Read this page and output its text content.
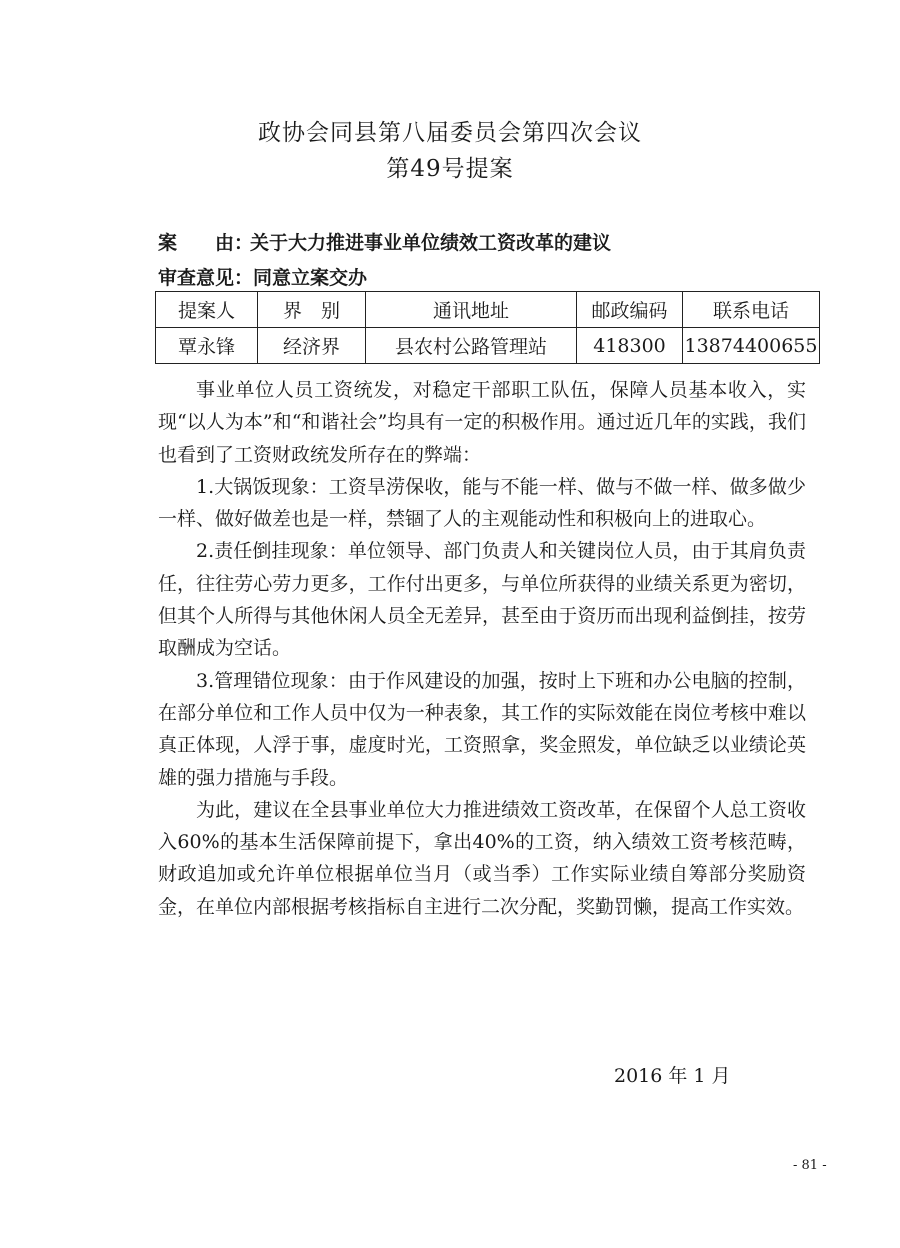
政协会同县第八届委员会第四次会议
第49号提案
案　　由：关于大力推进事业单位绩效工资改革的建议
审查意见：同意立案交办
提案人	界　别	通讯地址	邮政编码	联系电话
覃永锋	经济界	县农村公路管理站	418300	13874400655

事业单位人员工资统发，对稳定干部职工队伍，保障人员基本收入，实现“以人为本”和“和谐社会”均具有一定的积极作用。通过近几年的实践，我们也看到了工资财政统发所存在的弊端：

1.大锅饭现象：工资旱涝保收，能与不能一样、做与不做一样、做多做少一样、做好做差也是一样，禁锢了人的主观能动性和积极向上的进取心。

2.责任倒挂现象：单位领导、部门负责人和关键岗位人员，由于其肩负责任，往往劳心劳力更多，工作付出更多，与单位所获得的业绩关系更为密切，但其个人所得与其他休闲人员全无差异，甚至由于资历而出现利益倒挂，按劳取酬成为空话。

3.管理错位现象：由于作风建设的加强，按时上下班和办公电脑的控制，在部分单位和工作人员中仅为一种表象，其工作的实际效能在岗位考核中难以真正体现，人浮于事，虚度时光，工资照拿，奖金照发，单位缺乏以业绩论英雄的强力措施与手段。

为此，建议在全县事业单位大力推进绩效工资改革，在保留个人总工资收入60%的基本生活保障前提下，拿出40%的工资，纳入绩效工资考核范畴，财政追加或允许单位根据单位当月（或当季）工作实际业绩自筹部分奖励资金，在单位内部根据考核指标自主进行二次分配，奖勤罚懒，提高工作实效。

2016 年 1 月
- 81 -
